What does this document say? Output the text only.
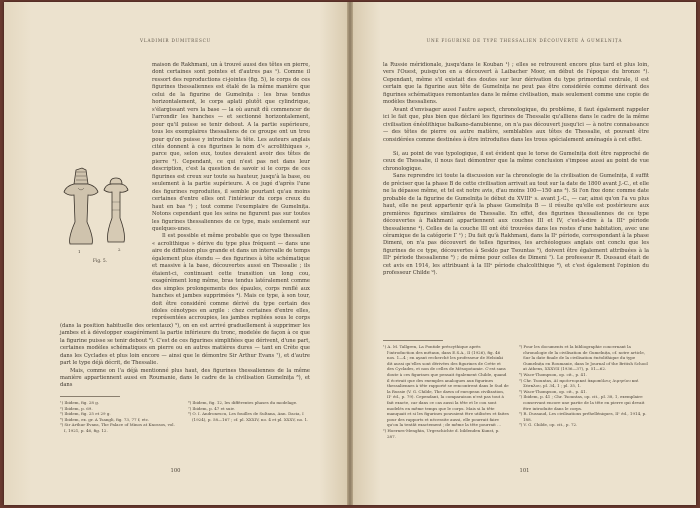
VLADIMIR DUMITRESCU

maison de Rakhmani, un à trouvé aussi des têtes en pierre, dont certaines sont pointes et d'autres pas ¹). Comme il ressort des reproductions ci-jointes (fig. 5), le corps de ces figurines thessaliennes est étalé de la même manière que celui de la figurine de Gumelnița : les bras tendus horizontalement, le corps aplati plutôt que cylindrique, s'élargissant vers la base — la où aurait dû commencer de l'arrondir les hanches — et sectionné horizontalement, pour qu'il puisse se tenir debout. A la partie supérieure, tous les exemplaires thessaliens de ce groupe ont un trou pour qu'on puisse y introduire la tête. Les auteurs anglais cités donnent à ces figurines le nom d'« acrolithiques », parce que, selon eux, toutes devaient avoir des têtes de pierre ²). Cependant, ce qui n'est pas net dans leur description, c'est la question de savoir si le corps de ces figurines est creux sur toute sa hauteur, jusqu'à la base, ou seulement à la partie supérieure. A ce jugé d'après l'une des figurines reproduites, il semble pourtant qu'au moins certaines d'entre elles ont l'intérieur du corps creux du haut en bas ³) ; tout comme l'exemplaire de Gumelnița. Notons cependant que les seins ne figurent pas sur toutes les figurines thessaliennes de ce type, mais seulement sur quelques-unes.

Il est possible et même probable que ce type thessalien « acrolithique » dérive du type plus fréquent — dans une aire de diffusion plus grande et dans un intervalle de temps également plus étendu — des figurines à tête schématique et massive à la base, découvertes aussi en Thessalie ; ils étaient-ci, continuant cette transition un long cou, exagérément long même, bras tendus latéralement comme des simples prolongements des épaules, corps renflé aux hanches et jambes supprimées ⁴). Mais ce type, à son tour, doit être considéré comme dérivé du type certain des idoles cénotypes en argile : chez certaines d'entre elles, représentées accroupies, les jambes repliées sous le corps (dans la position habituelle des orientaux) ⁵), on en est arrivé graduellement à supprimer les jambes et à développer exagérément la partie inférieure du tronc, modelée de façon à ce que la figurine puisse se tenir debout ⁶). C'est de ces figurines simplifiées que dérivent, d'une part, certaines modèles schématiques en pierre ou en autres matières dures — tant en Crète que dans les Cyclades et plus loin encore — ainsi que le démontre Sir Arthur Evans ⁷), et d'autre part le type déjà décrit, de Thessalie.

Mais, comme on l'a déjà mentionné plus haut, des figurines thessaliennes de la même manière appartiennent aussi en Roumanie, dans le cadre de la civilisation Gumelnița ⁸), et dans

1	2
Fig. 5.

¹) Ibidem, fig. 28 g.

²) Ibidem, p. 69.

³) Ibidem, fig. 25 et 29 g.

⁴) Ibidem, ex. gr. A Tsangli, fig. 73, 77 f, etc.

⁵) Sir Arthur Evans, The Palace of Minos at Knossos, vol. I, 1921, p. 46, fig. 12.

⁶) Ibidem, fig. 12, les différentes phases du modelage.

⁷) Ibidem, p. 47 et suiv.

⁸) O. I. Andronescu, Les fouilles de Sultana, Ann. Dacia, I (1924), p. 58—167 ; cf. pl. XXXIV, no. 4 et pl. XXXV, no. 1.

100
UNE FIGURINE DE TYPE THESSALIEN DÉCOUVERTE À GUMELNIȚA

la Russie méridionale, jusqu'dans le Kouban ¹) ; elles se retrouvent encore plus tard et plus loin, vers l'Ouest, puisqu'on en a découvert à Laibacher Moor, en début de l'époque du bronze ²). Cependant, même s'il existait des doutes sur leur dérivation du type primordial centrale, il est certain que la figurine aux tête de Gumelnița ne peut pas être considérée comme dérivant des figurines schématiques remontantes dans le même civilisation, mais seulement comme une copie de modèles thessaliens.

Avant d'envisager aussi l'autre aspect, chronologique, du problème, il faut également rappeler ici le fait que, plus bien que déclaré les figurines de Thessalie qu'alliens dans le cadre de la même civilisation énéolithique balkano-danubienne, on n'a pas découvert jusqu'ici — à notre connaissance — des têtes de pierre ou autre matière, semblables aux têtes de Thessalie, et pouvant être considérées comme destinées à être introduites dans les trous spécialement aménagés à cet effet.

Si, au point de vue typologique, il est évident que le torse de Gumelnița doit être rapproché de ceux de Thessalie, il nous faut démontrer que la même conclusion s'impose aussi au point de vue chronologique.

Sans reprendre ici toute la discussion sur la chronologie de la civilisation de Gumelnița, il suffit de préciser que la phase B de cette civilisation arrivait au tout sur la date de 1800 avant J.-C., et elle ne la dépasse même, et tel est notre avis, d'au moins 100—150 ans ³). Si l'on fixe donc comme date probable de la figurine de Gumelnița le début du XVIIIᵉ s. avant J.-C., — car, ainsi qu'on l'a vu plus haut, elle ne peut appartenir qu'à la phase Gumelnița B — il résulte qu'elle est postérieure aux premières figurines similaires de Thessalie. En effet, des figurines thessaliennes de ce type découvertes à Rakhmani appartiennent aux couches III et IV, c'est-à-dire à la IIIᵉ période thessalienne ⁴). Celles de la couche III ont été trouvées dans les restes d'une habitation, avec une céramique de la catégorie Γ ¹) ; Du fait qu'à Rakhmani, dans la IIᵉ période, correspondant à la phase Dimeni, on n'a pas découvert de telles figurines, les archéologues anglais ont conclu que les figurines de ce type, découvertes à Sesklo par Tsountas ⁵), doivent être également attribuées à la IIIᵉ période thessalienne ⁶) ; de même pour celles de Dimeni ⁷). Le professeur R. Dussaud était de cet avis en 1914, les attribuant à la IIIᵉ période chalcolithique ⁸), et c'est également l'opinion du professeur Childe ⁹).

¹) A. M. Tallgren, La Pontide préscythique après l'introduction des métaux, dans E.S.A., II (1926), fig. 46 nos. 1—4 ; en ayant recherché les professeur de Helsinki dit aussi qu'elles sont dérivées des figurines de Crète et des Cyclades, et non de celles de Mésopotamie. C'est sans doute à ces figurines que pensait également Childe, quand il écrivait que des exemples analogues aux figurines thessaliennes à tête rapporté se rencontrent dans le Sud de la Russie (V. G. Childe, The dawn of european civilization, IIᵉ éd., p. 79). Cependant, la comparaison n'est pas tout à fait exacte, car dans ce cas aussi la tête et le cou sont modelés en même temps que le corps. Mais si la tête manquait et si les figurines pouvaient être utilisées et faites pour des rapports et nécessite aussi, elle pourrait faire qu'on la tentât exactement ; de même la tête pourrait ...

²) Hoernes-Menghin, Urgeschichte d. bildenden Kunst, p. 287.

³) Pour les documents et la bibliographie concernant la chronologie de la civilisation de Gumelnița, cf. notre article, Sur la date finale de la civilisation énéolithique du type Gumelnița en Roumanie, dans le Journal of the British School at Athens, XXXVII (1936—37), p. 51—62.

⁴) Wace-Thompson, op. cit., p. 41.

⁵) Chr. Tsountas, Αἱ προϊστορικαὶ ἀκροπόλεις Διμηνίου καὶ Σέσκλου, pl. 34, 1 ; pl. 35, 1.

⁶) Wace-Thompson, op. cit., p. 41.

⁷) Ibidem, p. 41 ; Chr. Tsountas, op. cit., pl. 38, 1, exemplaire conservant encore une partie de la tête en pierre qui devait être introduite dans le corps.

⁸) R. Dussaud, Les civilisations préhelléniques, IIᵉ éd., 1914, p. 188.

⁹) V. G. Childe, op. cit., p. 72.

101
